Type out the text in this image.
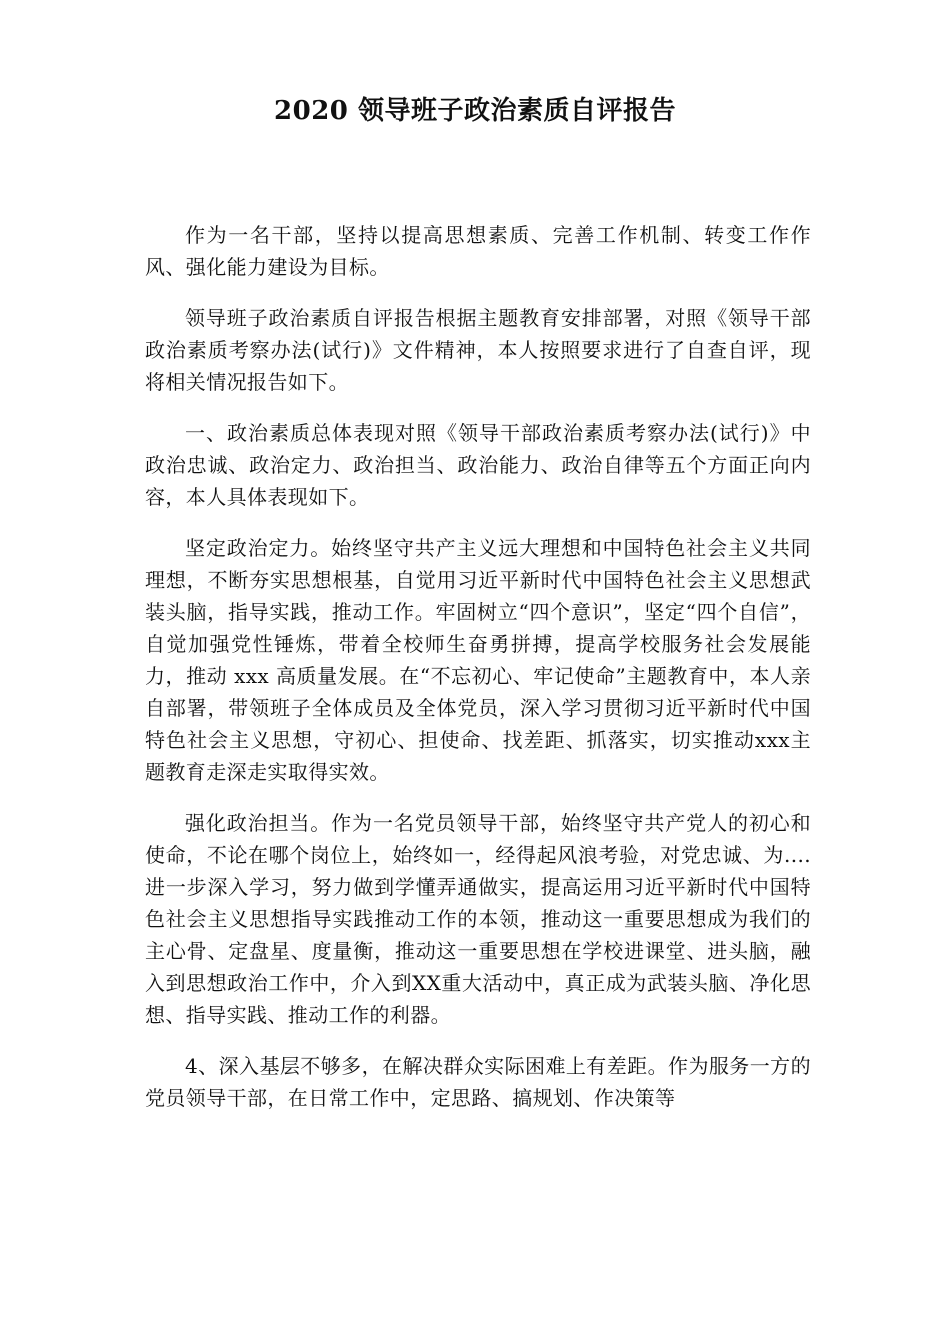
2020 领导班子政治素质自评报告

作为一名干部，坚持以提高思想素质、完善工作机制、转变工作作风、强化能力建设为目标。

领导班子政治素质自评报告根据主题教育安排部署，对照《领导干部政治素质考察办法(试行)》文件精神，本人按照要求进行了自查自评，现将相关情况报告如下。

一、政治素质总体表现对照《领导干部政治素质考察办法(试行)》中政治忠诚、政治定力、政治担当、政治能力、政治自律等五个方面正向内容，本人具体表现如下。

坚定政治定力。始终坚守共产主义远大理想和中国特色社会主义共同理想，不断夯实思想根基，自觉用习近平新时代中国特色社会主义思想武装头脑，指导实践，推动工作。牢固树立“四个意识”，坚定“四个自信”，自觉加强党性锤炼，带着全校师生奋勇拼搏，提高学校服务社会发展能力，推动 xxx 高质量发展。在“不忘初心、牢记使命”主题教育中，本人亲自部署，带领班子全体成员及全体党员，深入学习贯彻习近平新时代中国特色社会主义思想，守初心、担使命、找差距、抓落实，切实推动xxx主题教育走深走实取得实效。

强化政治担当。作为一名党员领导干部，始终坚守共产党人的初心和使命，不论在哪个岗位上，始终如一，经得起风浪考验，对党忠诚、为....进一步深入学习，努力做到学懂弄通做实，提高运用习近平新时代中国特色社会主义思想指导实践推动工作的本领，推动这一重要思想成为我们的主心骨、定盘星、度量衡，推动这一重要思想在学校进课堂、进头脑，融入到思想政治工作中，介入到XX重大活动中，真正成为武装头脑、净化思想、指导实践、推动工作的利器。

4、深入基层不够多，在解决群众实际困难上有差距。作为服务一方的党员领导干部，在日常工作中，定思路、搞规划、作决策等
